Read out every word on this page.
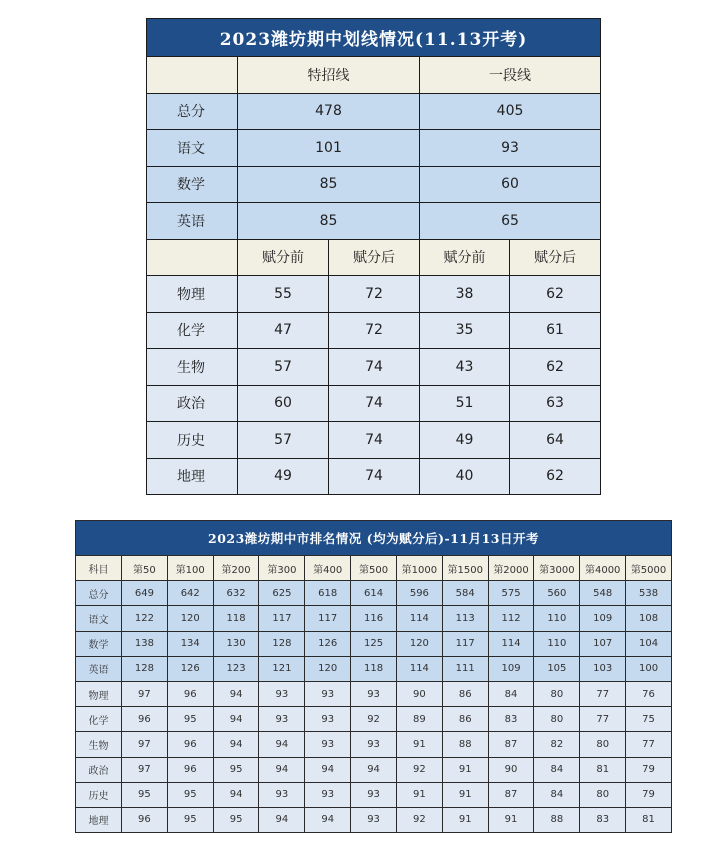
2023潍坊期中划线情况(11.13开考)				
	特招线		一段线	
总分	478		405	
语文	101		93	
数学	85		60	
英语	85		65	
	赋分前	赋分后	赋分前	赋分后
物理	55	72	38	62
化学	47	72	35	61
生物	57	74	43	62
政治	60	74	51	63
历史	57	74	49	64
地理	49	74	40	62
2023潍坊期中市排名情况 (均为赋分后)-11月13日开考												
科目	第50	第100	第200	第300	第400	第500	第1000	第1500	第2000	第3000	第4000	第5000
总分	649	642	632	625	618	614	596	584	575	560	548	538
语文	122	120	118	117	117	116	114	113	112	110	109	108
数学	138	134	130	128	126	125	120	117	114	110	107	104
英语	128	126	123	121	120	118	114	111	109	105	103	100
物理	97	96	94	93	93	93	90	86	84	80	77	76
化学	96	95	94	93	93	92	89	86	83	80	77	75
生物	97	96	94	94	93	93	91	88	87	82	80	77
政治	97	96	95	94	94	94	92	91	90	84	81	79
历史	95	95	94	93	93	93	91	91	87	84	80	79
地理	96	95	95	94	94	93	92	91	91	88	83	81
